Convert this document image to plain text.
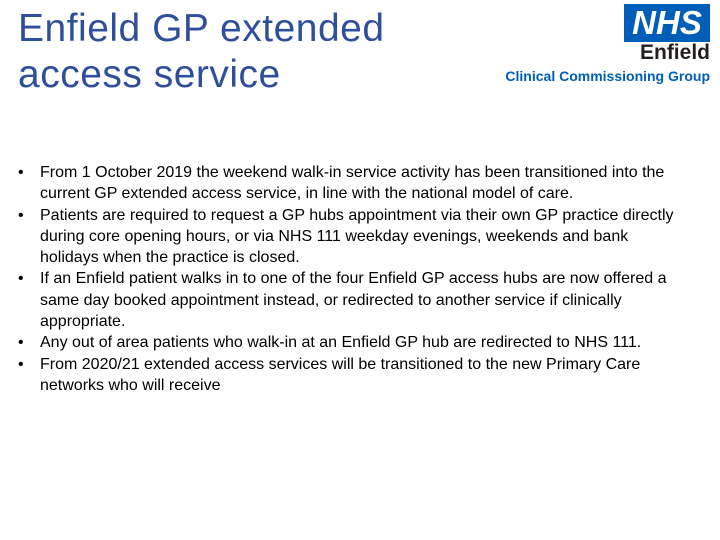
Enfield GP extended
access service
NHS
Enfield
Clinical Commissioning Group
•	From 1 October 2019 the weekend walk-in service activity has been transitioned into the current GP extended access service, in line with the national model of care.
•	Patients are required to request a GP hubs appointment via their own GP practice directly during core opening hours, or via NHS 111 weekday evenings, weekends and bank holidays when the practice is closed.
•	If an Enfield patient walks in to one of the four Enfield GP access hubs are now offered a same day booked appointment instead, or redirected to another service if clinically appropriate.
•	Any out of area patients who walk-in at an Enfield GP hub are redirected to NHS 111.
•	From 2020/21 extended access services will be transitioned to the new Primary Care networks who will receive
